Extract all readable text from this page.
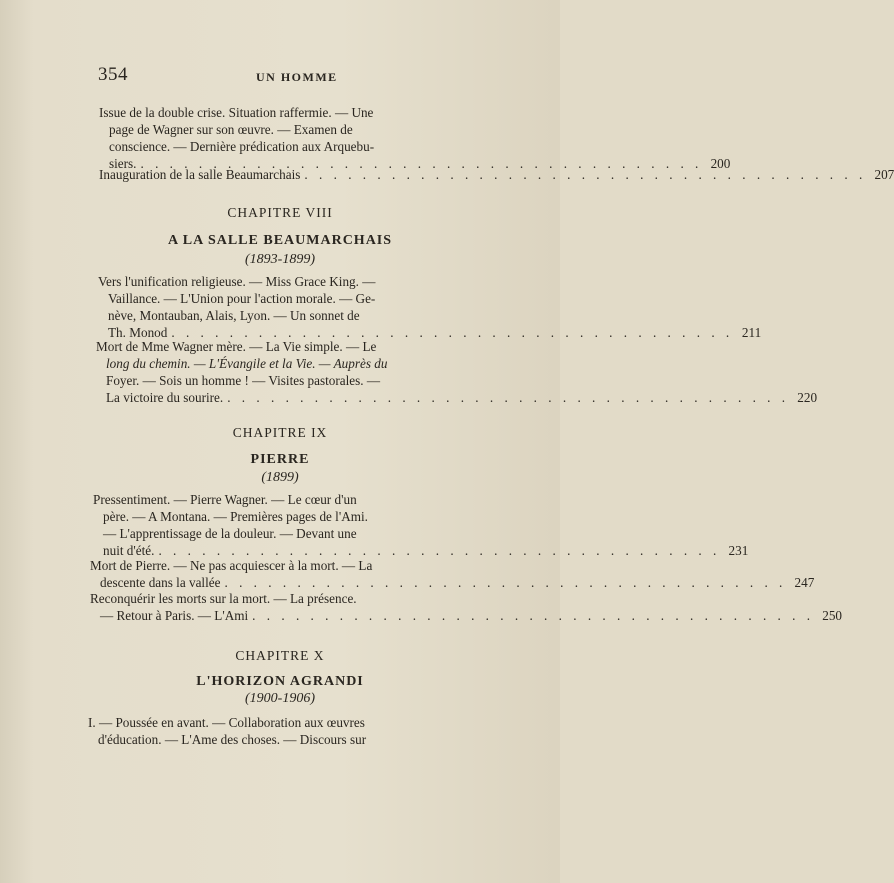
354	UN HOMME
Issue de la double crise. Situation raffermie. — Une
page de Wagner sur son œuvre. — Examen de
conscience. — Dernière prédication aux Arquebu-
siers. . . . . . . . . . . . . . . . . . . . . . . . . . . . . . . . . . . . . . . . 200
Inauguration de la salle Beaumarchais . . . . . . . . . . . . . . . . . . . . . . . . . . . . . . . . . . . . . . . 207
CHAPITRE VIII
A LA SALLE BEAUMARCHAIS
(1893-1899)
Vers l'unification religieuse. — Miss Grace King. —
Vaillance. — L'Union pour l'action morale. — Ge-
nève, Montauban, Alais, Lyon. — Un sonnet de
Th. Monod . . . . . . . . . . . . . . . . . . . . . . . . . . . . . . . . . . . . . . . 211
Mort de Mme Wagner mère. — La Vie simple. — Le
long du chemin. — L'Évangile et la Vie. — Auprès du
Foyer. — Sois un homme ! — Visites pastorales. —
La victoire du sourire. . . . . . . . . . . . . . . . . . . . . . . . . . . . . . . . . . . . . . . . 220
CHAPITRE IX
PIERRE
(1899)
Pressentiment. — Pierre Wagner. — Le cœur d'un
père. — A Montana. — Premières pages de l'Ami.
— L'apprentissage de la douleur. — Devant une
nuit d'été. . . . . . . . . . . . . . . . . . . . . . . . . . . . . . . . . . . . . . . . 231
Mort de Pierre. — Ne pas acquiescer à la mort. — La
descente dans la vallée . . . . . . . . . . . . . . . . . . . . . . . . . . . . . . . . . . . . . . . 247
Reconquérir les morts sur la mort. — La présence.
— Retour à Paris. — L'Ami . . . . . . . . . . . . . . . . . . . . . . . . . . . . . . . . . . . . . . . 250
CHAPITRE X
L'HORIZON AGRANDI
(1900-1906)
I. — Poussée en avant. — Collaboration aux œuvres
d'éducation. — L'Ame des choses. — Discours sur
